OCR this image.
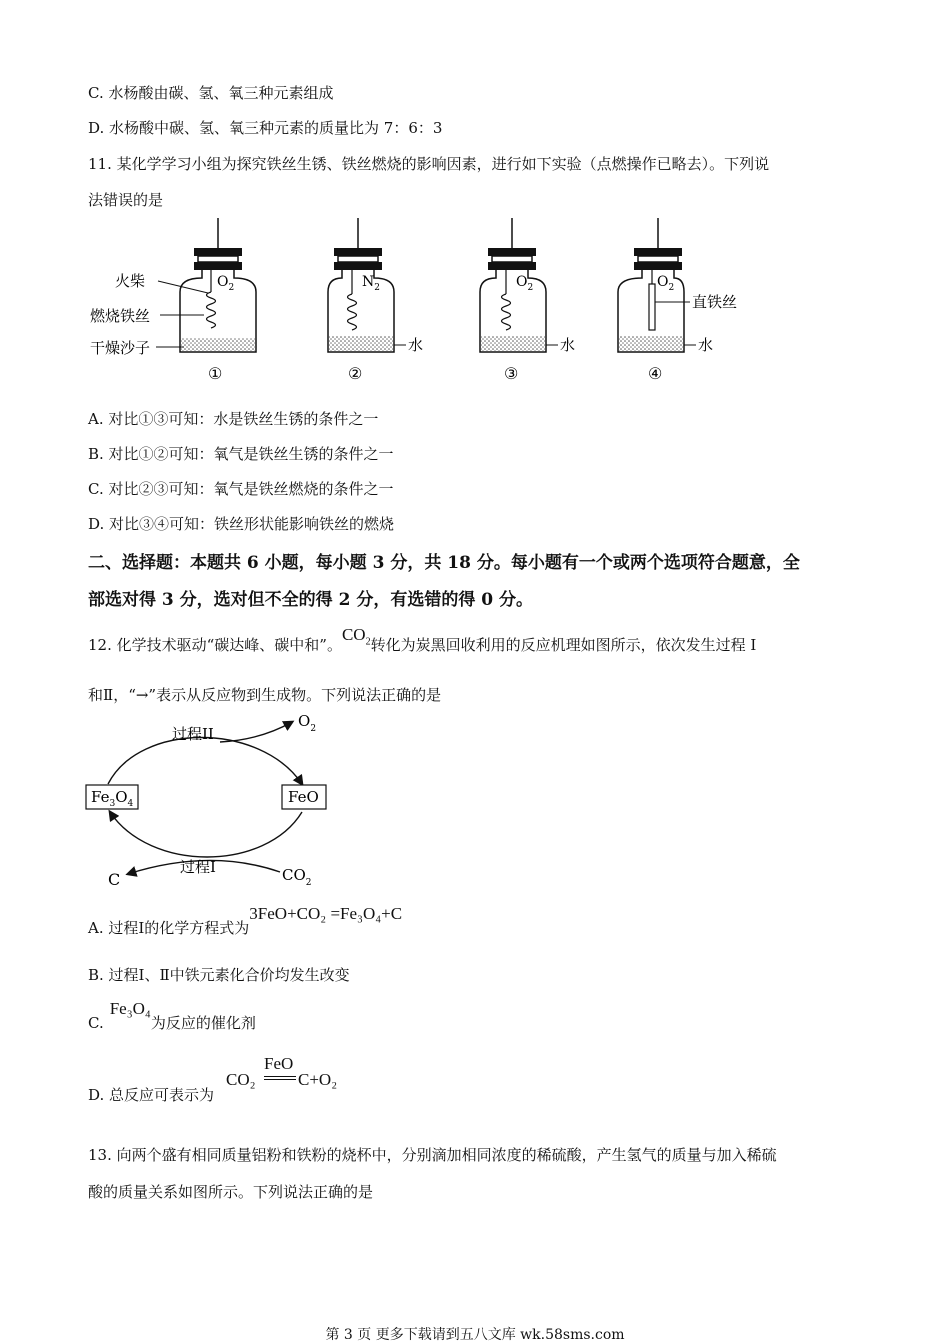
C. 水杨酸由碳、氢、氧三种元素组成
D. 水杨酸中碳、氢、氧三种元素的质量比为 7：6：3
11. 某化学学习小组为探究铁丝生锈、铁丝燃烧的影响因素，进行如下实验（点燃操作已略去）。下列说
法错误的是
$O_2$
①
火柴
燃烧铁丝
干燥沙子	水
$N_2$
②
水
$O_2$
③
直铁丝
水
$O_2$
④
A. 对比①③可知：水是铁丝生锈的条件之一
B. 对比①②可知：氧气是铁丝生锈的条件之一
C. 对比②③可知：氧气是铁丝燃烧的条件之一
D. 对比③④可知：铁丝形状能影响铁丝的燃烧
二、选择题：本题共 6 小题，每小题 3 分，共 18 分。每小题有一个或两个选项符合题意，全
部选对得 3 分，选对但不全的得 2 分，有选错的得 0 分。
12. 化学技术驱动“碳达峰、碳中和”。$CO_2$转化为炭黑回收利用的反应机理如图所示，依次发生过程 I
和Ⅱ，“→”表示从反应物到生成物。下列说法正确的是
过程II
$O_2$
$Fe_3O_4$	FeO
过程I
C	$CO_2$
A. 过程Ⅰ的化学方程式为3FeO+CO₂ =Fe₃O₄+C
B. 过程Ⅰ、Ⅱ中铁元素化合价均发生改变
C.Fe₃O₄为反应的催化剂
D. 总反应可表示为
CO₂
FeO
C+O₂
13. 向两个盛有相同质量铝粉和铁粉的烧杯中，分别滴加相同浓度的稀硫酸，产生氢气的质量与加入稀硫
酸的质量关系如图所示。下列说法正确的是
第 3 页 更多下载请到五八文库 wk.58sms.com
